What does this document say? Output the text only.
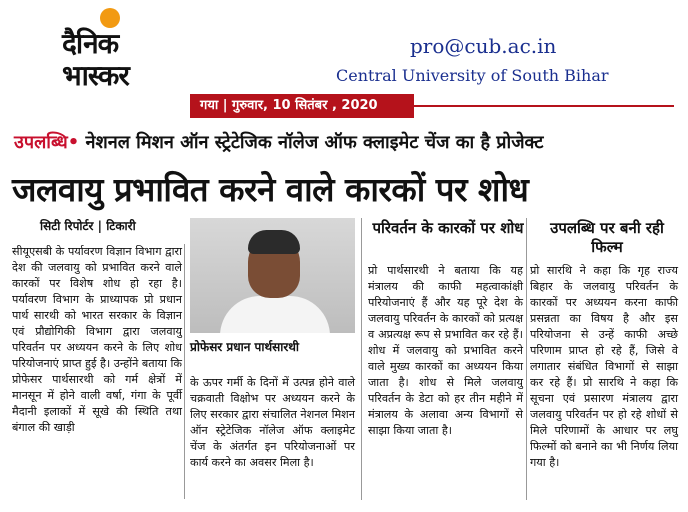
दैनिक
भास्कर
pro@cub.ac.in
Central University of South Bihar
गया | गुरुवार, 10 सितंबर , 2020
उपलब्धि• नेशनल मिशन ऑन स्ट्रेटेजिक नॉलेज ऑफ क्लाइमेट चेंज का है प्रोजेक्ट
जलवायु प्रभावित करने वाले कारकों पर शोध
सिटी रिपोर्टर | टिकारी
सीयूएसबी के पर्यावरण विज्ञान विभाग द्वारा देश की जलवायु को प्रभावित करने वाले कारकों पर विशेष शोध हो रहा है। पर्यावरण विभाग के प्राध्यापक प्रो प्रधान पार्थ सारथी को भारत सरकार के विज्ञान एवं प्रौद्योगिकी विभाग द्वारा जलवायु परिवर्तन पर अध्ययन करने के लिए शोध परियोजनाएं प्राप्त हुई है। उन्होंने बताया कि प्रोफेसर पार्थसारथी को गर्म क्षेत्रों में मानसून में होने वाली वर्षा, गंगा के पूर्वी मैदानी इलाकों में सूखे की स्थिति तथा बंगाल की खाड़ी
प्रोफेसर प्रधान पार्थसारथी
के ऊपर गर्मी के दिनों में उत्पन्न होने वाले चक्रवाती विक्षोभ पर अध्ययन करने के लिए सरकार द्वारा संचालित नेशनल मिशन ऑन स्ट्रेटेजिक नॉलेज ऑफ क्लाइमेट चेंज के अंतर्गत इन परियोजनाओं पर कार्य करने का अवसर मिला है।
परिवर्तन के कारकों पर शोध
प्रो पार्थसारथी ने बताया कि यह मंत्रालय की काफी महत्वाकांक्षी परियोजनाएं हैं और यह पूरे देश के जलवायु परिवर्तन के कारकों को प्रत्यक्ष व अप्रत्यक्ष रूप से प्रभावित कर रहे हैं। शोध में जलवायु को प्रभावित करने वाले मुख्य कारकों का अध्ययन किया जाता है। शोध से मिले जलवायु परिवर्तन के डेटा को हर तीन महीने में मंत्रालय के अलावा अन्य विभागों से साझा किया जाता है।
उपलब्धि पर बनी रही फिल्म
प्रो सारथि ने कहा कि गृह राज्य बिहार के जलवायु परिवर्तन के कारकों पर अध्ययन करना काफी प्रसन्नता का विषय है और इस परियोजना से उन्हें काफी अच्छे परिणाम प्राप्त हो रहे हैं, जिसे वे लगातार संबंधित विभागों से साझा कर रहे हैं। प्रो सारथि ने कहा कि सूचना एवं प्रसारण मंत्रालय द्वारा जलवायु परिवर्तन पर हो रहे शोधों से मिले परिणामों के आधार पर लघु फिल्मों को बनाने का भी निर्णय लिया गया है।
